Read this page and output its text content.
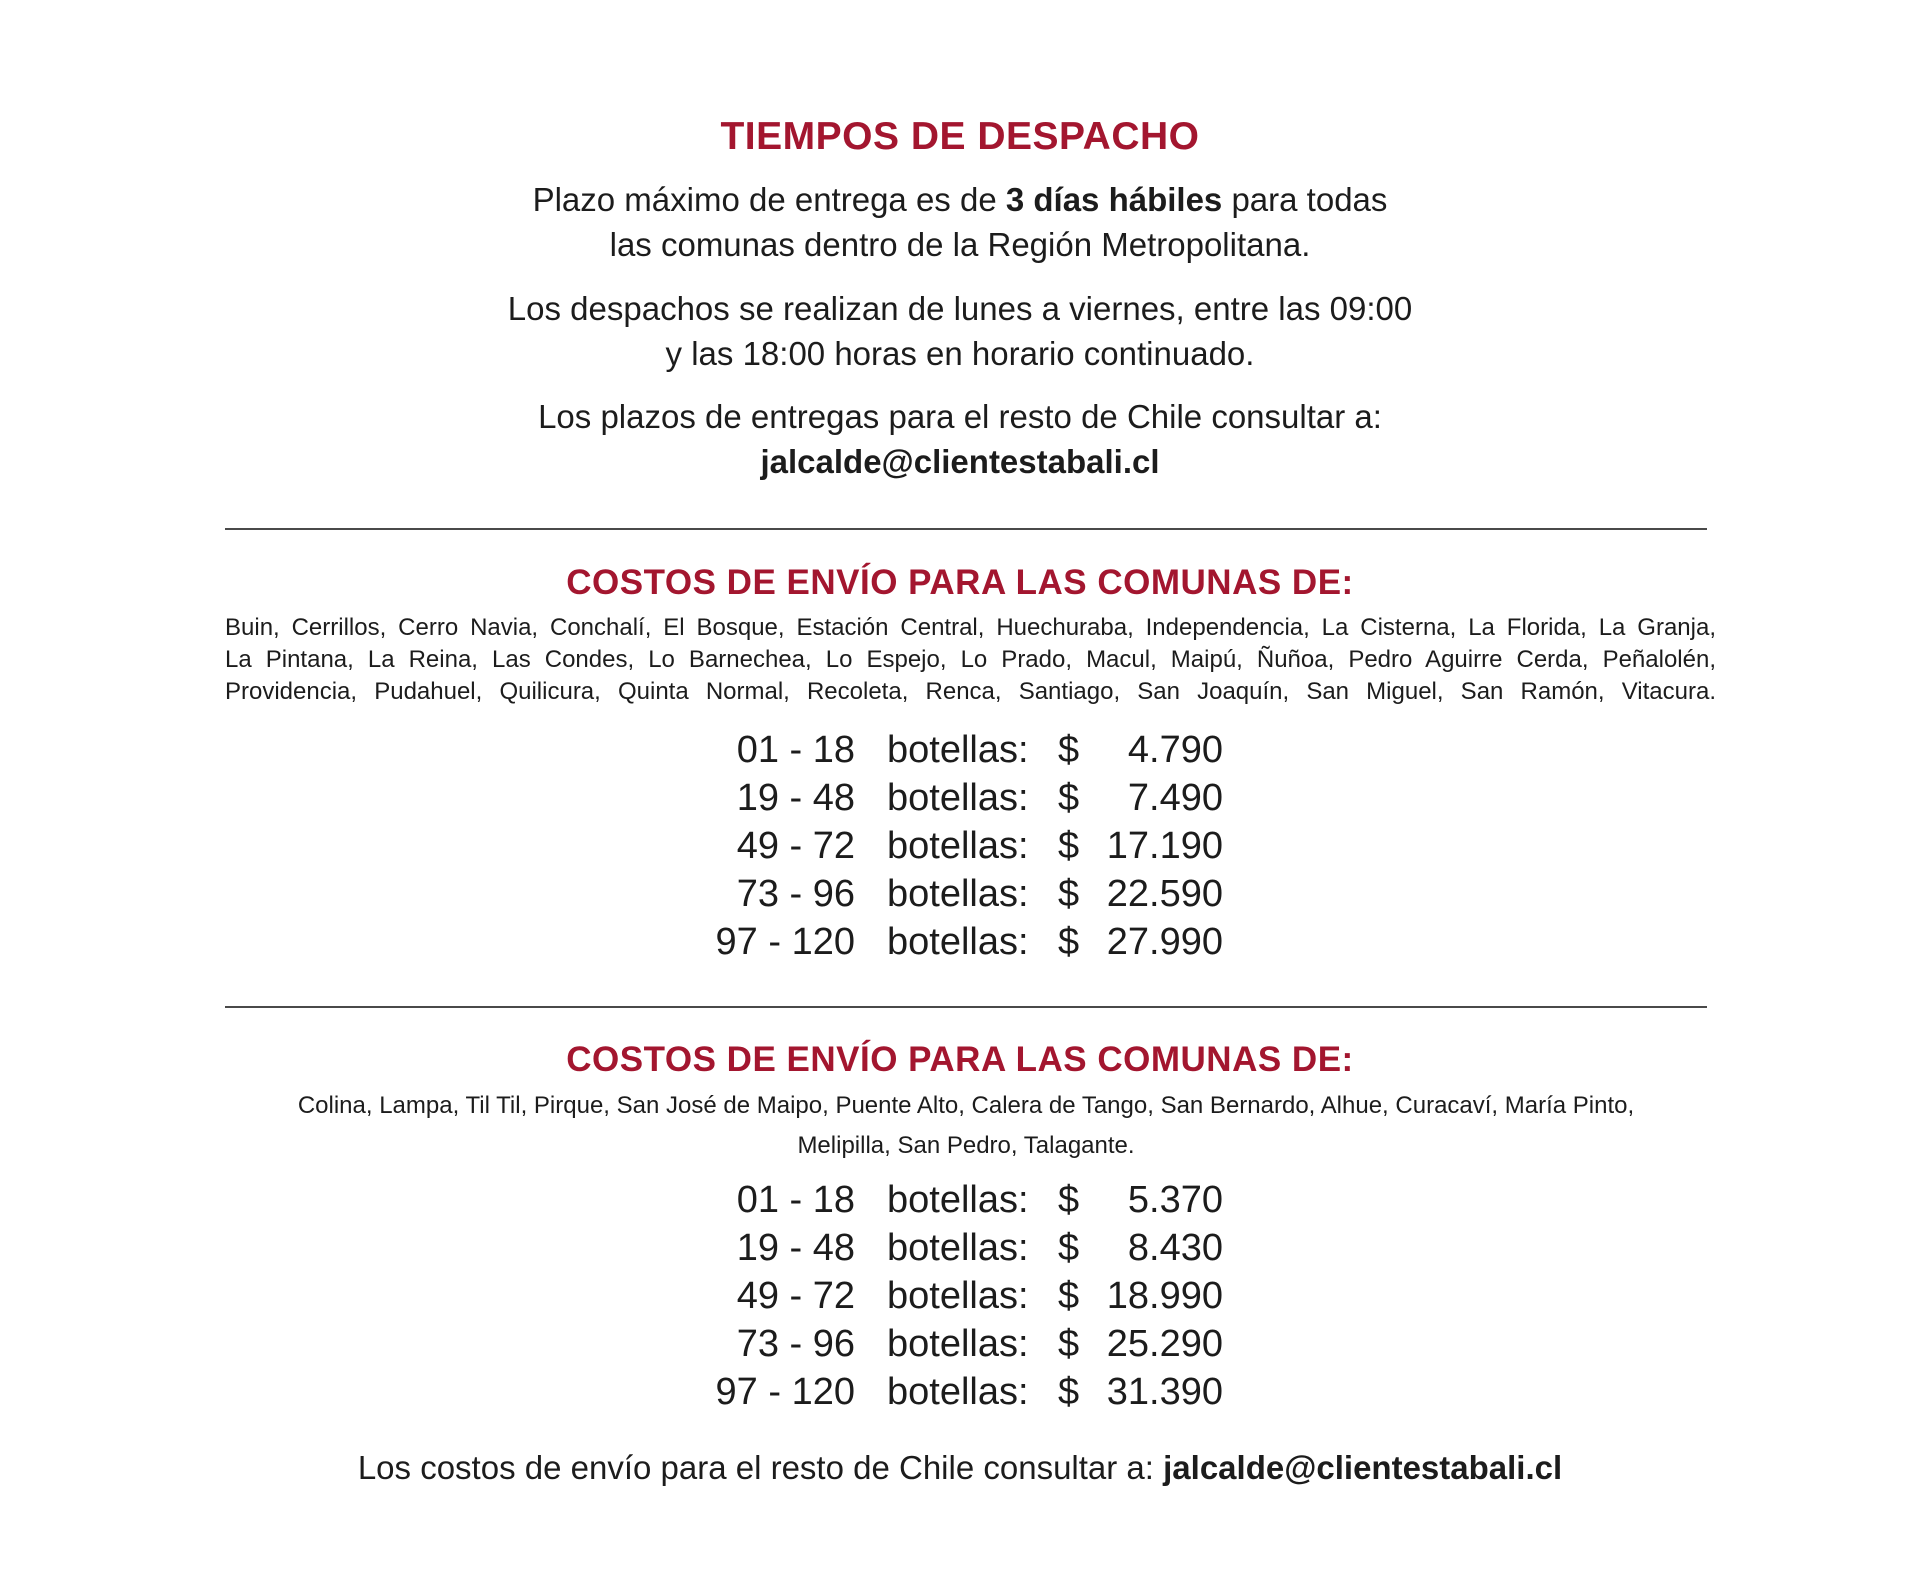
TIEMPOS DE DESPACHO
Plazo máximo de entrega es de 3 días hábiles para todas
las comunas dentro de la Región Metropolitana.
Los despachos se realizan de lunes a viernes, entre las 09:00
y las 18:00 horas en horario continuado.
Los plazos de entregas para el resto de Chile consultar a:
jalcalde@clientestabali.cl
COSTOS DE ENVÍO PARA LAS COMUNAS DE:
Buin, Cerrillos, Cerro Navia, Conchalí, El Bosque, Estación Central, Huechuraba, Independencia, La Cisterna, La Florida, La Granja,
La Pintana, La Reina, Las Condes, Lo Barnechea, Lo Espejo, Lo Prado, Macul, Maipú, Ñuñoa, Pedro Aguirre Cerda, Peñalolén,
Providencia, Pudahuel, Quilicura, Quinta Normal, Recoleta, Renca, Santiago, San Joaquín, San Miguel, San Ramón, Vitacura.
01 - 18 botellas: $ 4.790
19 - 48 botellas: $ 7.490
49 - 72 botellas: $ 17.190
73 - 96 botellas: $ 22.590
97 - 120 botellas: $ 27.990
COSTOS DE ENVÍO PARA LAS COMUNAS DE:
Colina, Lampa, Til Til, Pirque, San José de Maipo, Puente Alto, Calera de Tango, San Bernardo, Alhue, Curacaví, María Pinto,
Melipilla, San Pedro, Talagante.
01 - 18 botellas: $ 5.370
19 - 48 botellas: $ 8.430
49 - 72 botellas: $ 18.990
73 - 96 botellas: $ 25.290
97 - 120 botellas: $ 31.390
Los costos de envío para el resto de Chile consultar a: jalcalde@clientestabali.cl
